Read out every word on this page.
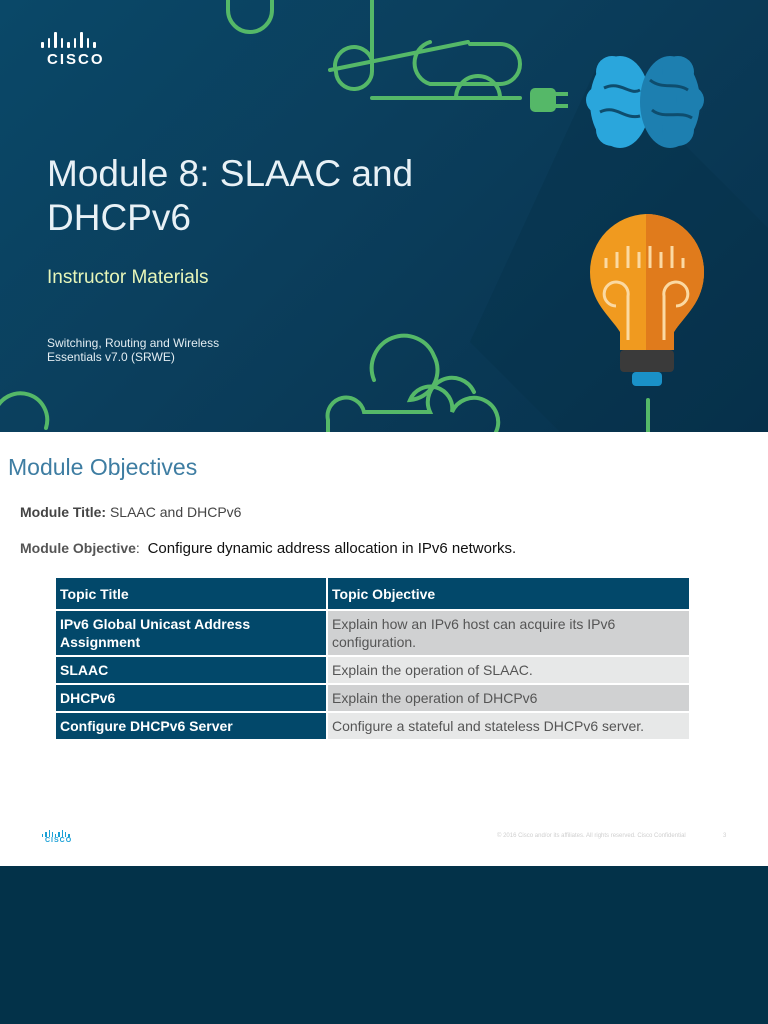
CISCO
Module 8: SLAAC and DHCPv6
Instructor Materials
Switching, Routing and Wireless Essentials v7.0 (SRWE)
Module Objectives
Module Title: SLAAC and DHCPv6
Module Objective:  Configure dynamic address allocation in IPv6 networks.
Topic Title	Topic Objective
IPv6 Global Unicast Address Assignment	Explain how an IPv6 host can acquire its IPv6 configuration.
SLAAC	Explain the operation of SLAAC.
DHCPv6	Explain the operation of DHCPv6
Configure DHCPv6 Server	Configure a stateful and stateless DHCPv6 server.
CISCO
© 2016 Cisco and/or its affiliates. All rights reserved. Cisco Confidential	3
